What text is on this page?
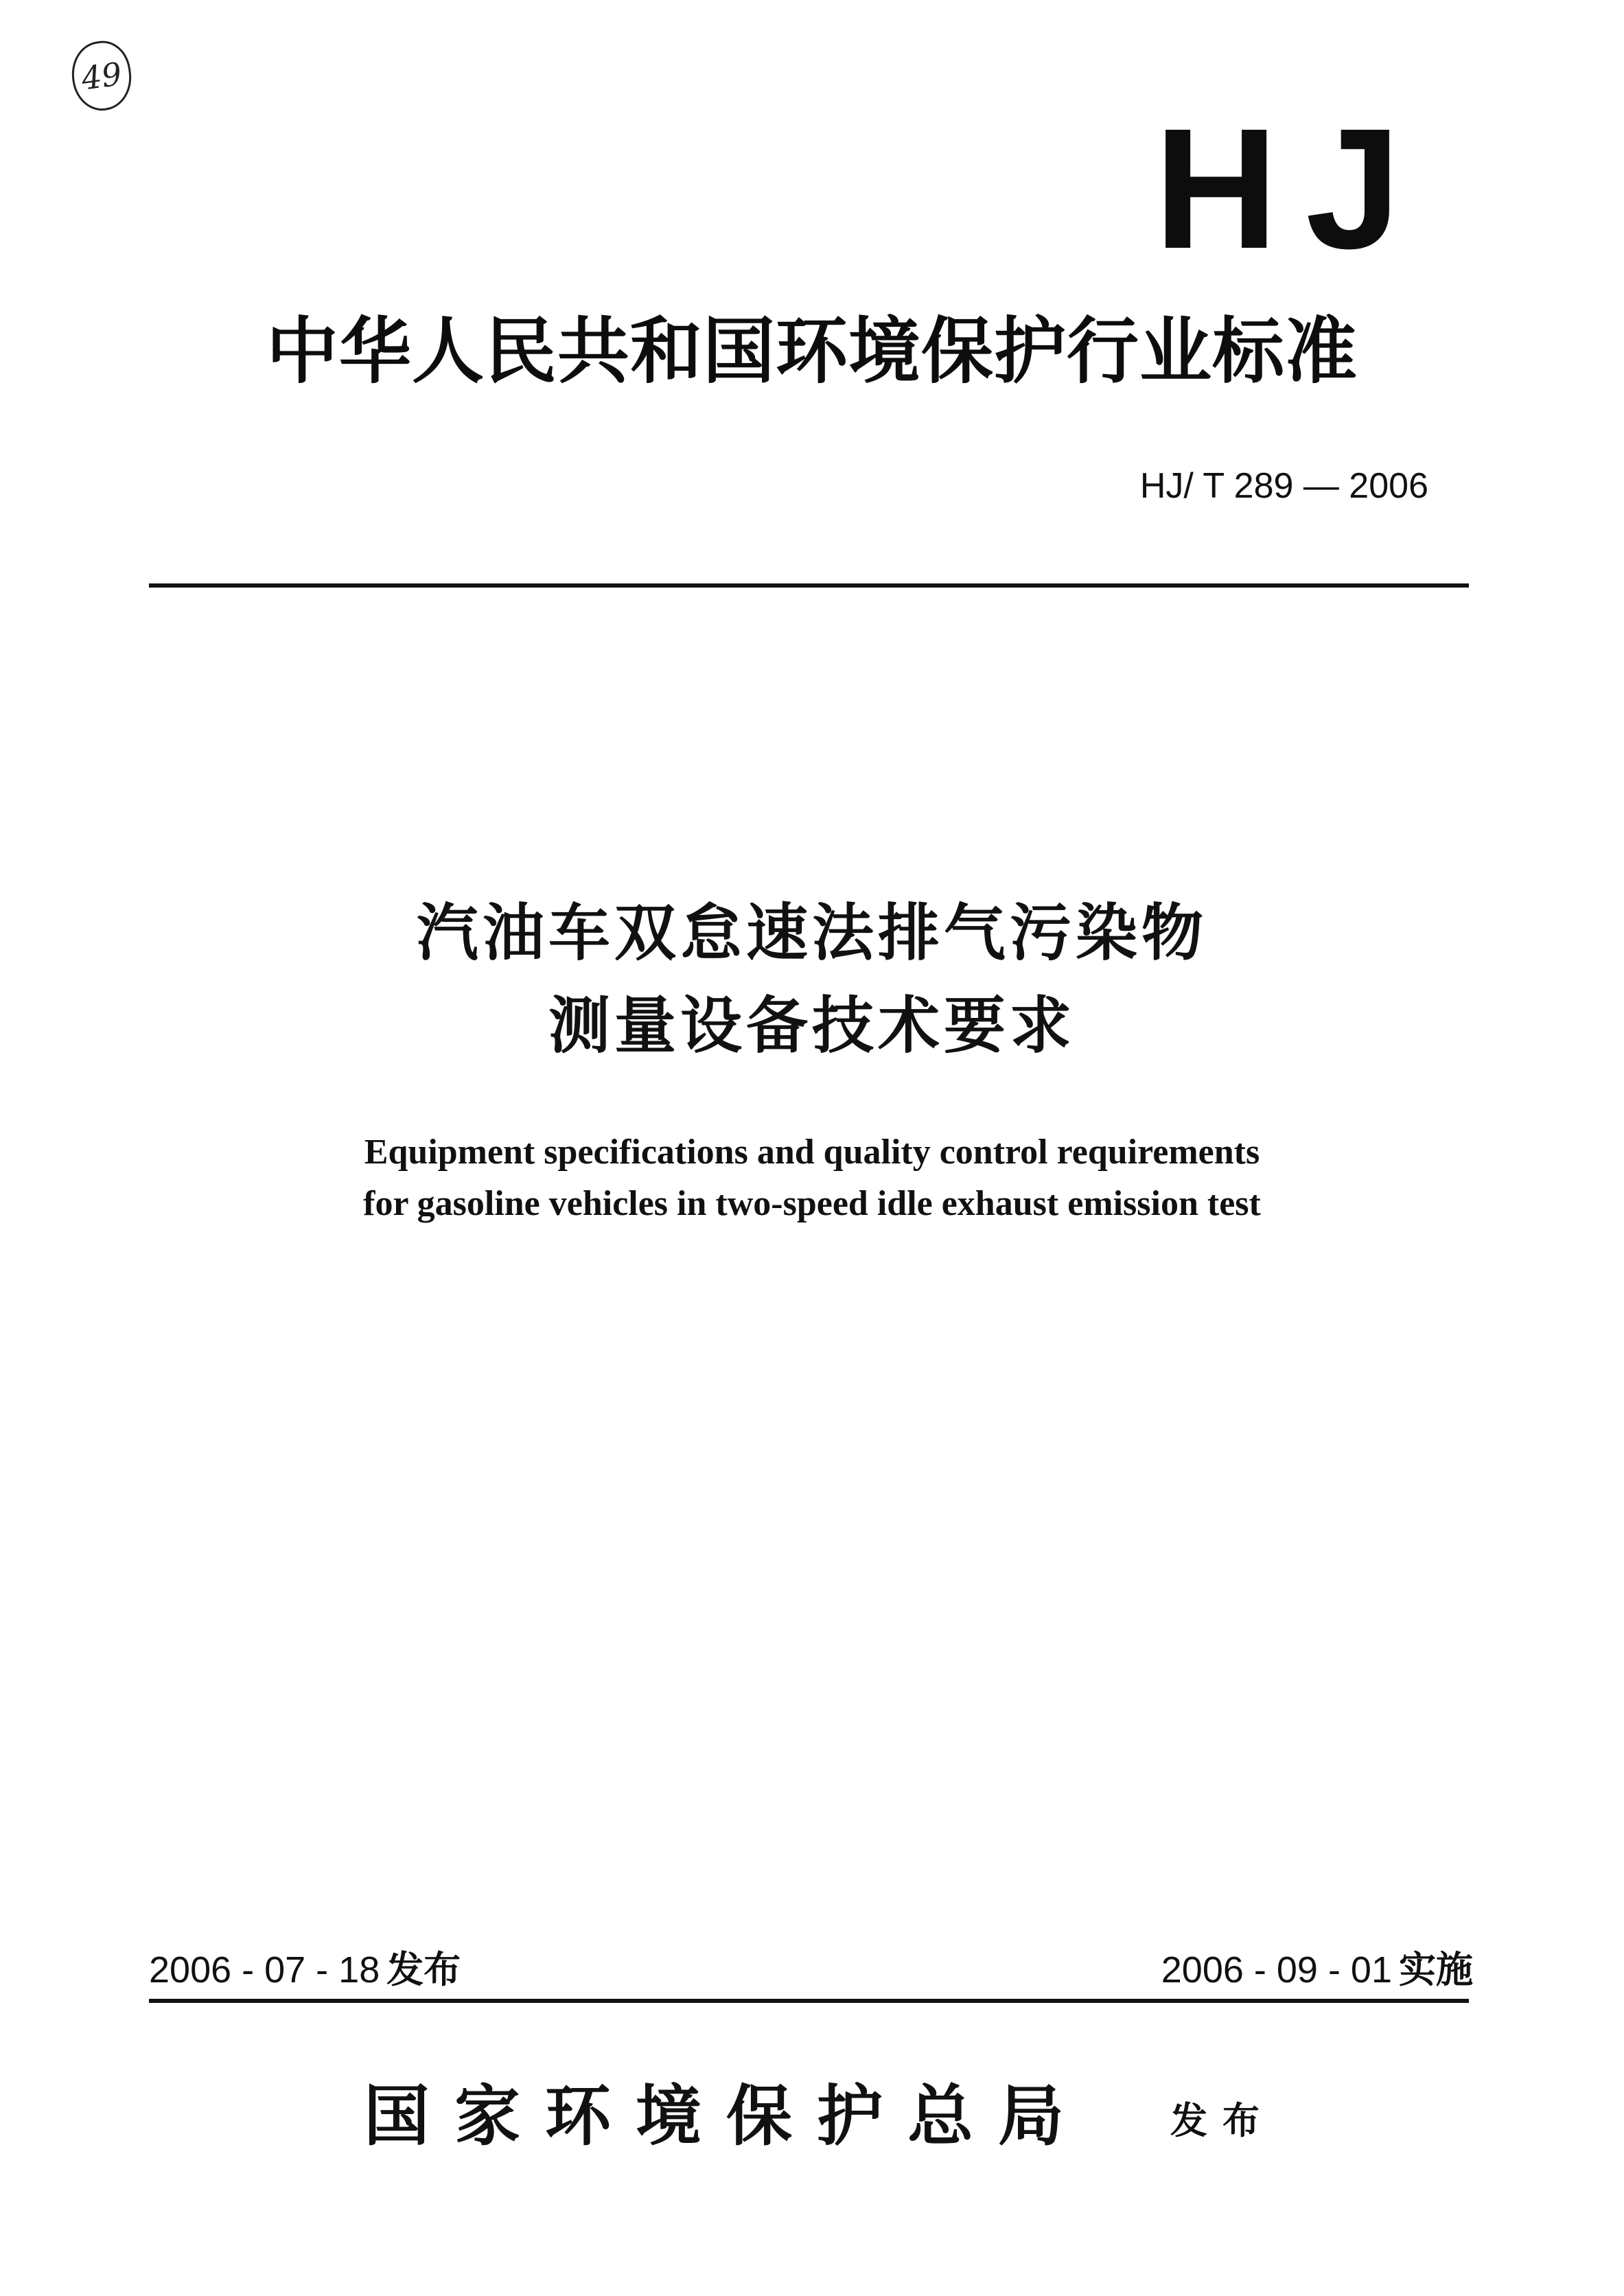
49
HJ
中华人民共和国环境保护行业标准
HJ/ T 289 — 2006
汽油车双怠速法排气污染物
测量设备技术要求
Equipment specifications and quality control requirements
for gasoline vehicles in two-speed idle exhaust emission test
2006 - 07 - 18 发布	2006 - 09 - 01 实施
国家环境保护总局 发布
